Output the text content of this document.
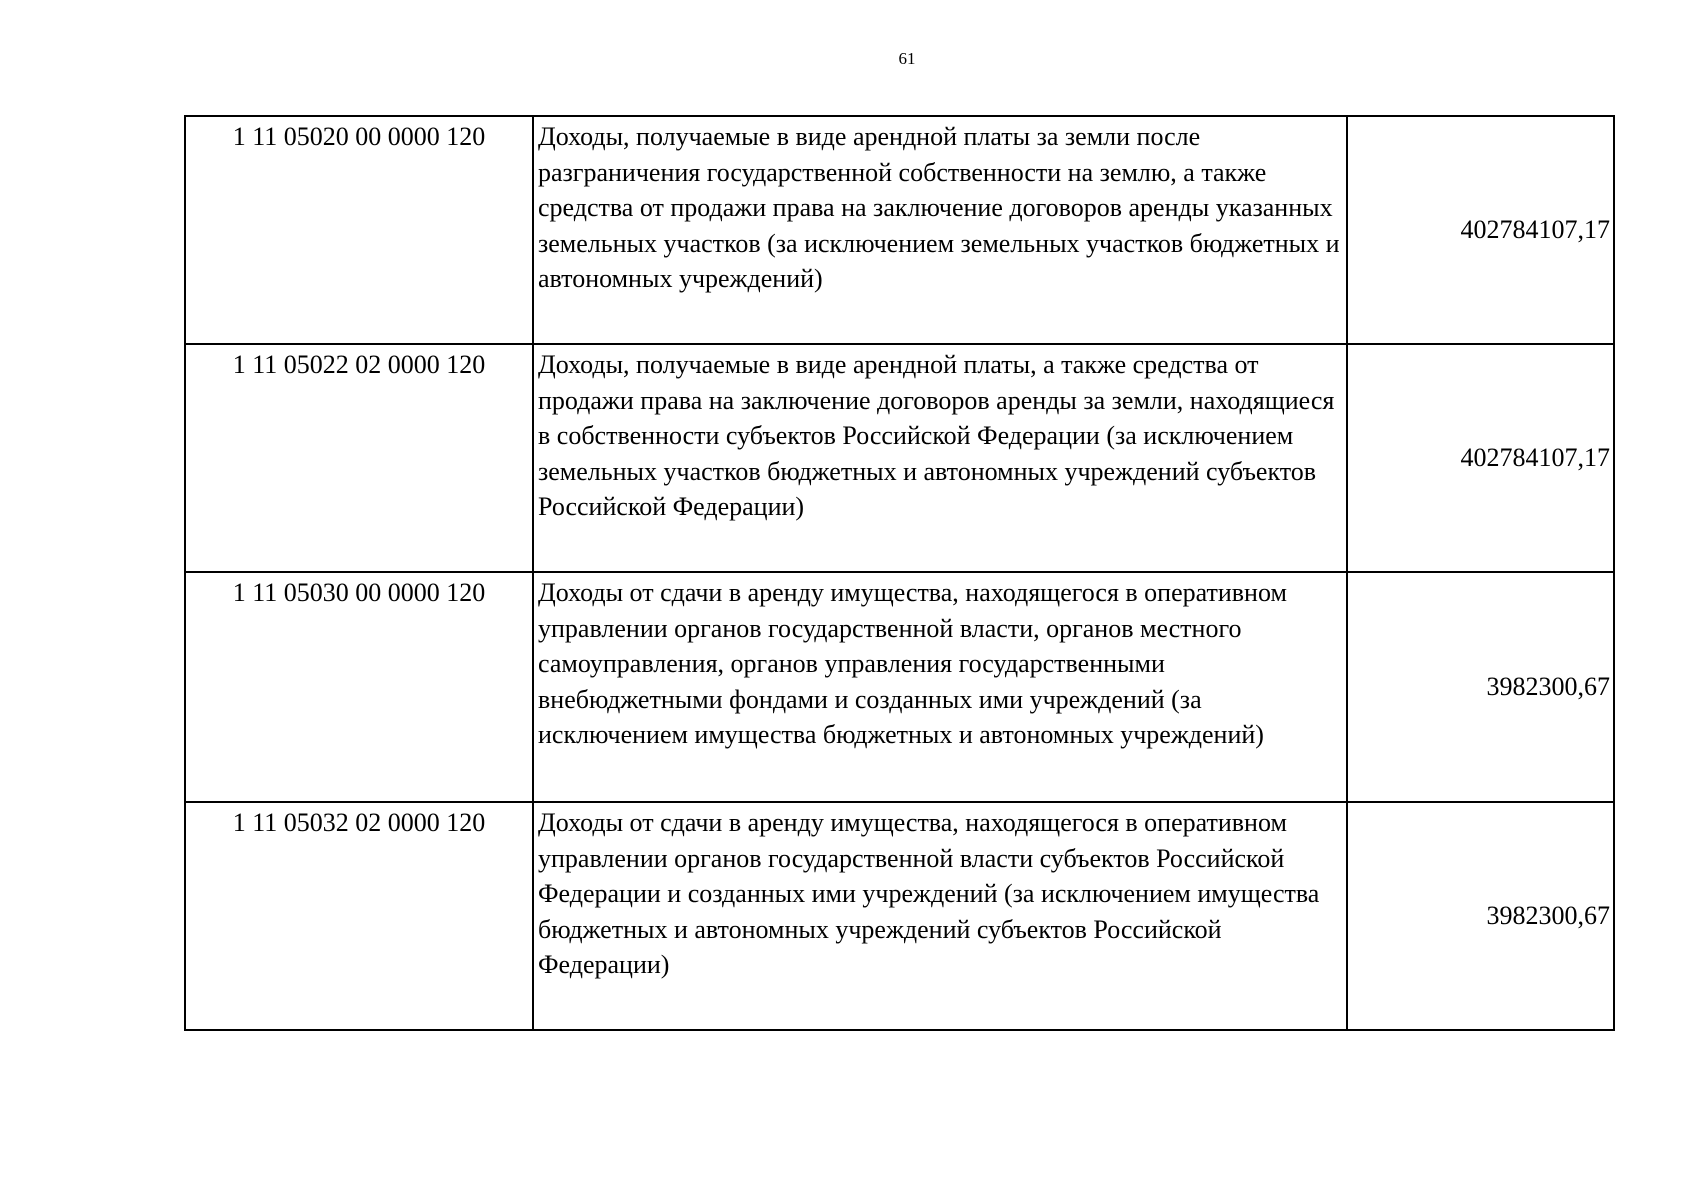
61
1 11 05020 00 0000 120	Доходы, получаемые в виде арендной платы за земли после разграничения государственной собственности на землю, а также средства от продажи права на заключение договоров аренды указанных земельных участков (за исключением земельных участков бюджетных и автономных учреждений)	402784107,17
1 11 05022 02 0000 120	Доходы, получаемые в виде арендной платы, а также средства от продажи права на заключение договоров аренды за земли, находящиеся в собственности субъектов Российской Федерации (за исключением земельных участков бюджетных и автономных учреждений субъектов Российской Федерации)	402784107,17
1 11 05030 00 0000 120	Доходы от сдачи в аренду имущества, находящегося в оперативном управлении органов государственной власти, органов местного самоуправления, органов управления государственными внебюджетными фондами и созданных ими учреждений (за исключением имущества бюджетных и автономных учреждений)	3982300,67
1 11 05032 02 0000 120	Доходы от сдачи в аренду имущества, находящегося в оперативном управлении органов государственной власти субъектов Российской Федерации и созданных ими учреждений (за исключением имущества бюджетных и автономных учреждений субъектов Российской Федерации)	3982300,67
